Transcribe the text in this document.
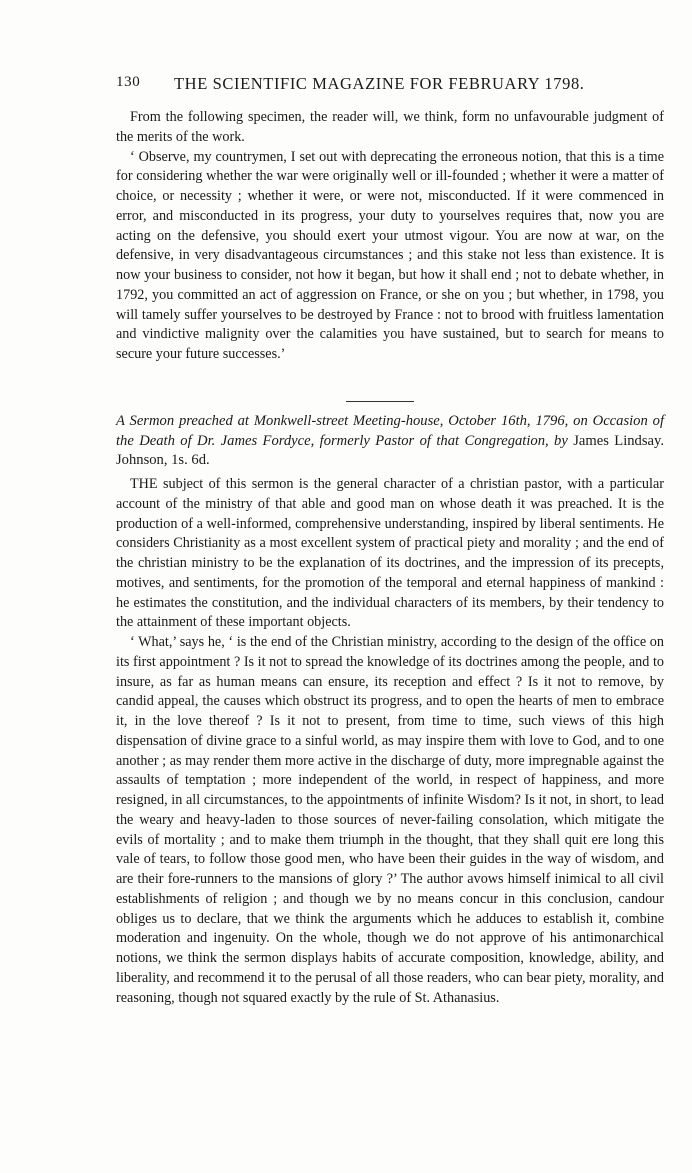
130 THE SCIENTIFIC MAGAZINE FOR FEBRUARY 1798.

From the following specimen, the reader will, we think, form no unfavourable judgment of the merits of the work.

‘ Observe, my countrymen, I set out with deprecating the erroneous notion, that this is a time for considering whether the war were originally well or ill-founded ; whether it were a matter of choice, or necessity ; whether it were, or were not, misconducted. If it were commenced in error, and misconducted in its progress, your duty to yourselves requires that, now you are acting on the defensive, you should exert your utmost vigour. You are now at war, on the defensive, in very disadvantageous circumstances ; and this stake not less than existence. It is now your business to consider, not how it began, but how it shall end ; not to debate whether, in 1792, you committed an act of aggression on France, or she on you ; but whether, in 1798, you will tamely suffer yourselves to be destroyed by France : not to brood with fruitless lamentation and vindictive malignity over the calamities you have sustained, but to search for means to secure your future successes.’

A Sermon preached at Monkwell-street Meeting-house, October 16th, 1796, on Occasion of the Death of Dr. James Fordyce, formerly Pastor of that Congregation, by James Lindsay. Johnson, 1s. 6d.

THE subject of this sermon is the general character of a christian pastor, with a particular account of the ministry of that able and good man on whose death it was preached. It is the production of a well-informed, comprehensive understanding, inspired by liberal sentiments. He considers Christianity as a most excellent system of practical piety and morality ; and the end of the christian ministry to be the explanation of its doctrines, and the impression of its precepts, motives, and sentiments, for the promotion of the temporal and eternal happiness of mankind : he estimates the constitution, and the individual characters of its members, by their tendency to the attainment of these important objects.

‘ What,’ says he, ‘ is the end of the Christian ministry, according to the design of the office on its first appointment ? Is it not to spread the knowledge of its doctrines among the people, and to insure, as far as human means can ensure, its reception and effect ? Is it not to remove, by candid appeal, the causes which obstruct its progress, and to open the hearts of men to embrace it, in the love thereof ? Is it not to present, from time to time, such views of this high dispensation of divine grace to a sinful world, as may inspire them with love to God, and to one another ; as may render them more active in the discharge of duty, more impregnable against the assaults of temptation ; more independent of the world, in respect of happiness, and more resigned, in all circumstances, to the appointments of infinite Wisdom? Is it not, in short, to lead the weary and heavy-laden to those sources of never-failing consolation, which mitigate the evils of mortality ; and to make them triumph in the thought, that they shall quit ere long this vale of tears, to follow those good men, who have been their guides in the way of wisdom, and are their fore-runners to the mansions of glory ?’ The author avows himself inimical to all civil establishments of religion ; and though we by no means concur in this conclusion, candour obliges us to declare, that we think the arguments which he adduces to establish it, combine moderation and ingenuity. On the whole, though we do not approve of his antimonarchical notions, we think the sermon displays habits of accurate composition, knowledge, ability, and liberality, and recommend it to the perusal of all those readers, who can bear piety, morality, and reasoning, though not squared exactly by the rule of St. Athanasius.
